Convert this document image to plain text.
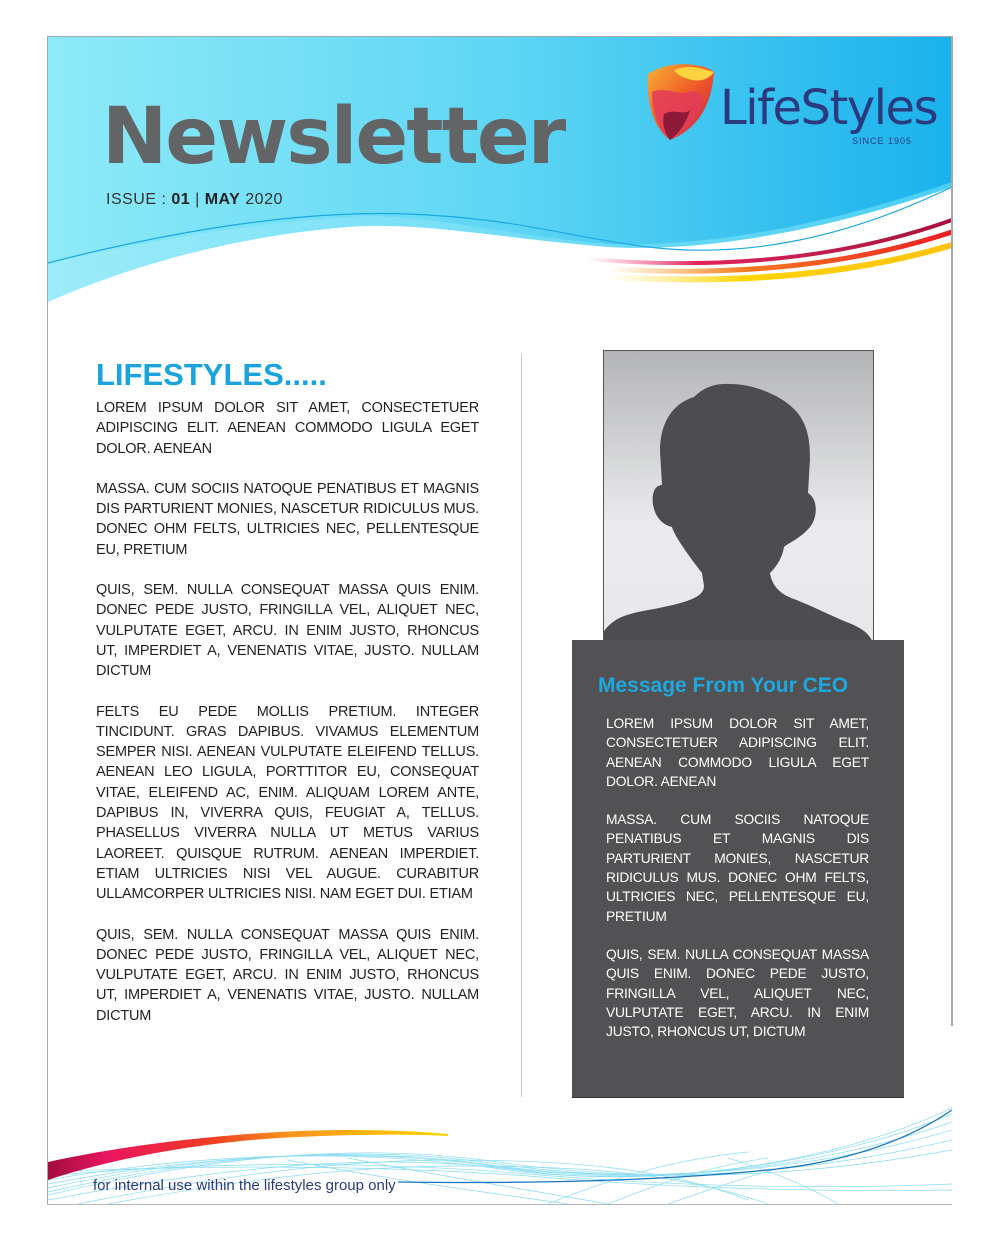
Newsletter
ISSUE : 01 | MAY 2020
LifeStyles
SINCE 1905
LIFESTYLES.....

LOREM IPSUM DOLOR SIT AMET, CONSECTETUER ADIPISCING ELIT. AENEAN COMMODO LIGULA EGET DOLOR. AENEAN

MASSA. CUM SOCIIS NATOQUE PENATIBUS ET MAGNIS DIS PARTURIENT MONIES, NASCETUR RIDICULUS MUS. DONEC OHM FELTS, ULTRICIES NEC, PELLENTESQUE EU, PRETIUM

QUIS, SEM. NULLA CONSEQUAT MASSA QUIS ENIM. DONEC PEDE JUSTO, FRINGILLA VEL, ALIQUET NEC, VULPUTATE EGET, ARCU. IN ENIM JUSTO, RHONCUS UT, IMPERDIET A, VENENATIS VITAE, JUSTO. NULLAM DICTUM

FELTS EU PEDE MOLLIS PRETIUM. INTEGER TINCIDUNT. GRAS DAPIBUS. VIVAMUS ELEMENTUM SEMPER NISI. AENEAN VULPUTATE ELEIFEND TELLUS. AENEAN LEO LIGULA, PORTTITOR EU, CONSEQUAT VITAE, ELEIFEND AC, ENIM. ALIQUAM LOREM ANTE, DAPIBUS IN, VIVERRA QUIS, FEUGIAT A, TELLUS. PHASELLUS VIVERRA NULLA UT METUS VARIUS LAOREET. QUISQUE RUTRUM. AENEAN IMPERDIET. ETIAM ULTRICIES NISI VEL AUGUE. CURABITUR ULLAMCORPER ULTRICIES NISI. NAM EGET DUI. ETIAM

QUIS, SEM. NULLA CONSEQUAT MASSA QUIS ENIM. DONEC PEDE JUSTO, FRINGILLA VEL, ALIQUET NEC, VULPUTATE EGET, ARCU. IN ENIM JUSTO, RHONCUS UT, IMPERDIET A, VENENATIS VITAE, JUSTO. NULLAM DICTUM

Message From Your CEO

LOREM IPSUM DOLOR SIT AMET, CONSECTETUER ADIPISCING ELIT. AENEAN COMMODO LIGULA EGET DOLOR. AENEAN

MASSA. CUM SOCIIS NATOQUE PENATIBUS ET MAGNIS DIS PARTURIENT MONIES, NASCETUR RIDICULUS MUS. DONEC OHM FELTS, ULTRICIES NEC, PELLENTESQUE EU, PRETIUM

QUIS, SEM. NULLA CONSEQUAT MASSA QUIS ENIM. DONEC PEDE JUSTO, FRINGILLA VEL, ALIQUET NEC, VULPUTATE EGET, ARCU. IN ENIM JUSTO, RHONCUS UT, DICTUM

for internal use within the lifestyles group only
